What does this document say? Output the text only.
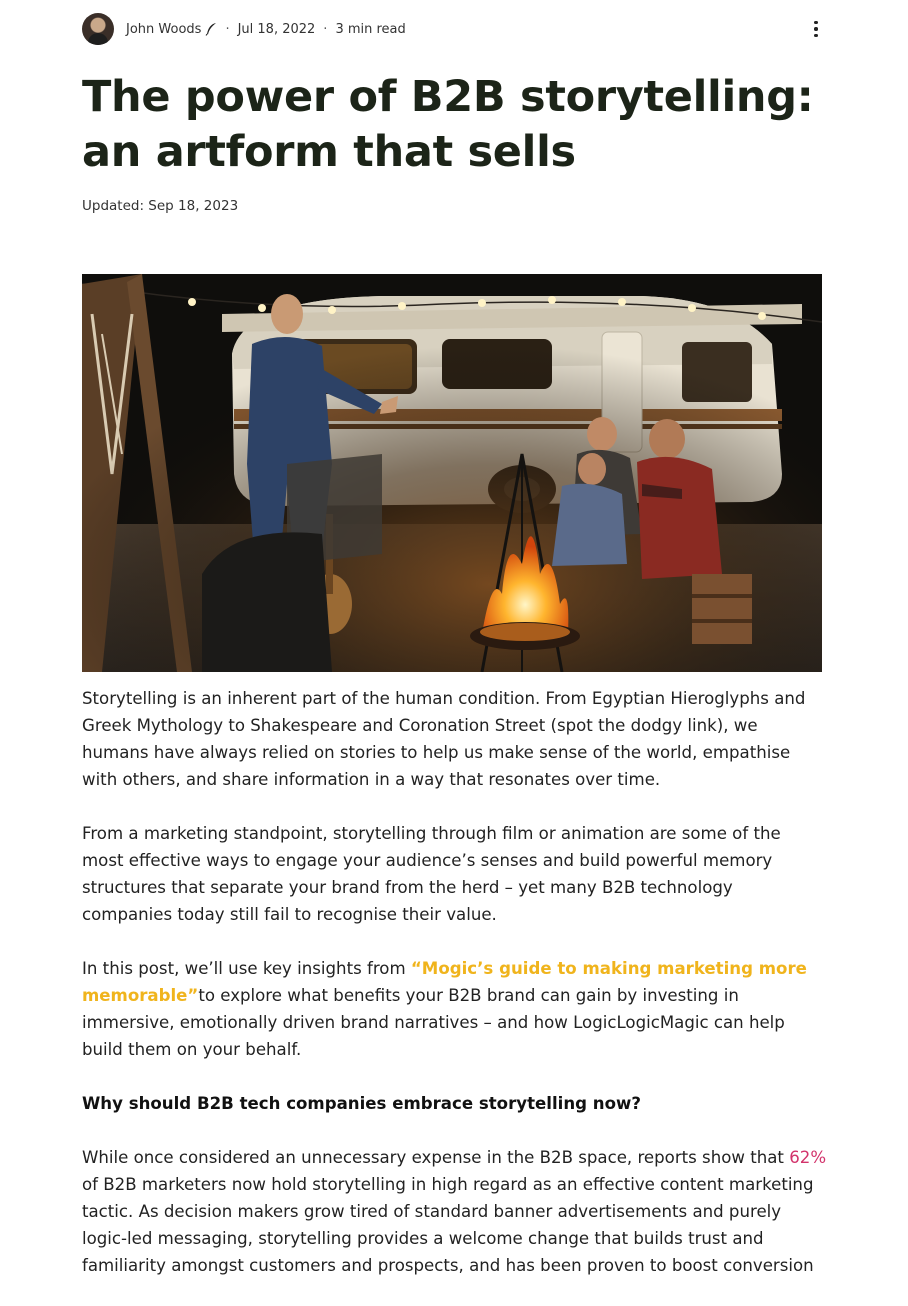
John Woods · Jul 18, 2022 · 3 min read
The power of B2B storytelling: an artform that sells
Updated: Sep 18, 2023

Storytelling is an inherent part of the human condition. From Egyptian Hieroglyphs and Greek Mythology to Shakespeare and Coronation Street (spot the dodgy link), we humans have always relied on stories to help us make sense of the world, empathise with others, and share information in a way that resonates over time.

From a marketing standpoint, storytelling through film or animation are some of the most effective ways to engage your audience’s senses and build powerful memory structures that separate your brand from the herd – yet many B2B technology companies today still fail to recognise their value.

In this post, we’ll use key insights from “Mogic’s guide to making marketing more memorable”to explore what benefits your B2B brand can gain by investing in immersive, emotionally driven brand narratives – and how LogicLogicMagic can help build them on your behalf.

Why should B2B tech companies embrace storytelling now?

While once considered an unnecessary expense in the B2B space, reports show that 62% of B2B marketers now hold storytelling in high regard as an effective content marketing tactic. As decision makers grow tired of standard banner advertisements and purely logic-led messaging, storytelling provides a welcome change that builds trust and familiarity amongst customers and prospects, and has been proven to boost conversion
